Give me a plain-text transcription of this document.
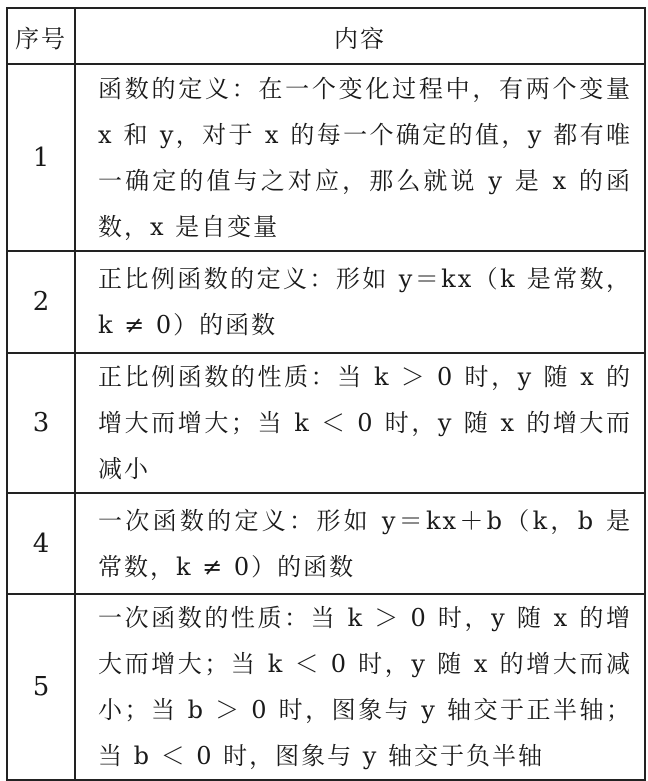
序号	内容
1	函数的定义：在一个变化过程中，有两个变量 x 和 y，对于 x 的每一个确定的值，y 都有唯一确定的值与之对应，那么就说 y 是 x 的函数，x 是自变量
2	正比例函数的定义：形如 y＝kx（k 是常数，k ≠ 0）的函数
3	正比例函数的性质：当 k ＞ 0 时，y 随 x 的增大而增大；当 k ＜ 0 时，y 随 x 的增大而减小
4	一次函数的定义：形如 y＝kx＋b（k，b 是常数，k ≠ 0）的函数
5	一次函数的性质：当 k ＞ 0 时，y 随 x 的增大而增大；当 k ＜ 0 时，y 随 x 的增大而减小；当 b ＞ 0 时，图象与 y 轴交于正半轴；当 b ＜ 0 时，图象与 y 轴交于负半轴
